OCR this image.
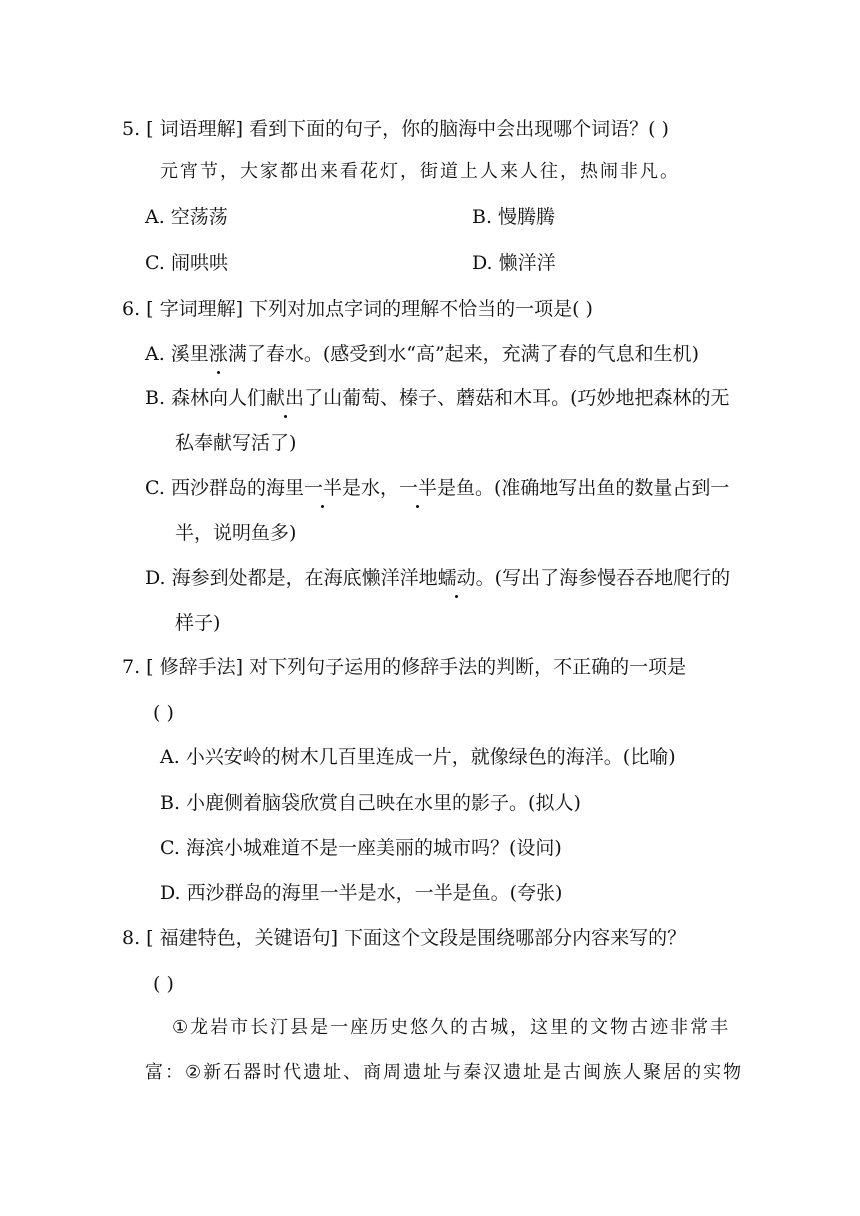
5. [ 词语理解] 看到下面的句子，你的脑海中会出现哪个词语？( )
元宵节，大家都出来看花灯，街道上人来人往，热闹非凡。
A. 空荡荡	B. 慢腾腾
C. 闹哄哄	D. 懒洋洋
6. [ 字词理解] 下列对加点字词的理解不恰当的一项是( )
A. 溪里涨满了春水。(感受到水“高”起来，充满了春的气息和生机)
B. 森林向人们献出了山葡萄、榛子、蘑菇和木耳。(巧妙地把森林的无
私奉献写活了)
C. 西沙群岛的海里一半是水，一半是鱼。(准确地写出鱼的数量占到一
半，说明鱼多)
D. 海参到处都是，在海底懒洋洋地蠕动。(写出了海参慢吞吞地爬行的
样子)
7. [ 修辞手法] 对下列句子运用的修辞手法的判断，不正确的一项是
( )
A. 小兴安岭的树木几百里连成一片，就像绿色的海洋。(比喻)
B. 小鹿侧着脑袋欣赏自己映在水里的影子。(拟人)
C. 海滨小城难道不是一座美丽的城市吗？(设问)
D. 西沙群岛的海里一半是水，一半是鱼。(夸张)
8. [ 福建特色，关键语句] 下面这个文段是围绕哪部分内容来写的？
( )
①龙岩市长汀县是一座历史悠久的古城，这里的文物古迹非常丰
富：②新石器时代遗址、商周遗址与秦汉遗址是古闽族人聚居的实物
